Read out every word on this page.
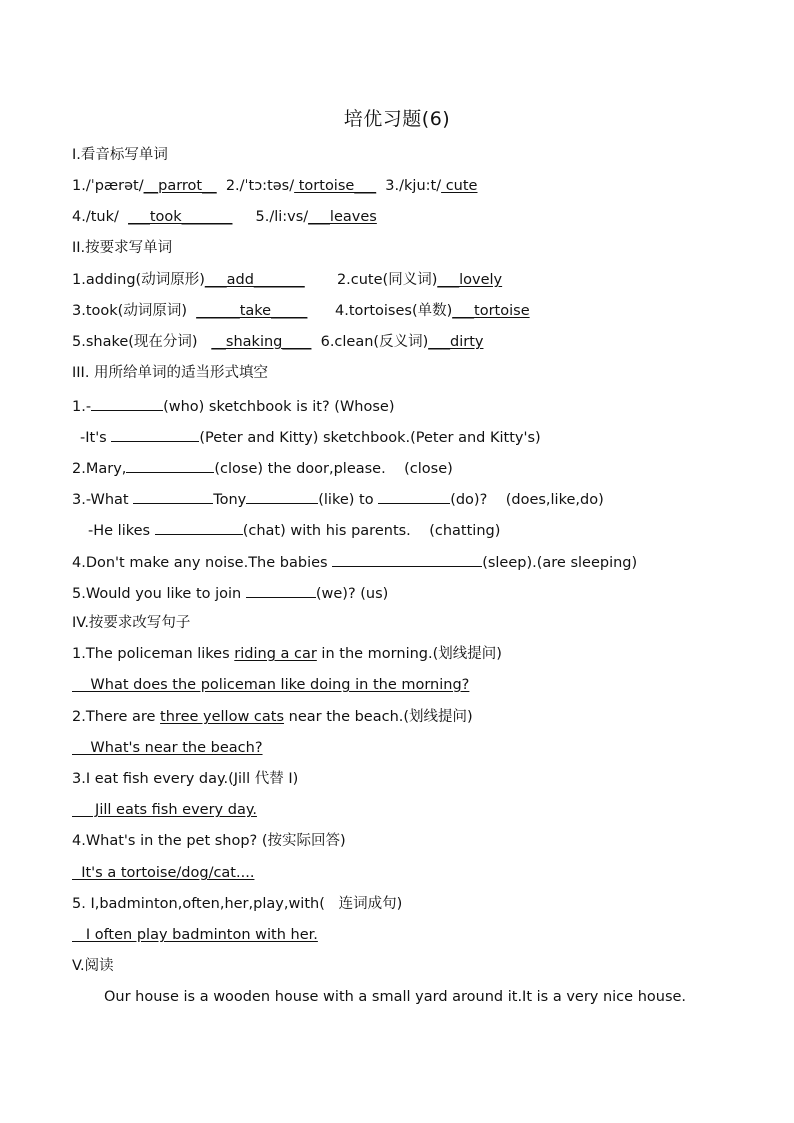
培优习题(6)
I.看音标写单词
1./ˈpærət/__parrot__ 2./ˈtɔ:təs/ tortoise___ 3./kju:t/ cute
4./tuk/ ___took_______ 5./li:vs/___leaves
II.按要求写单词
1.adding(动词原形)___add_______ 2.cute(同义词)___lovely
3.took(动词原词) ______take_____ 4.tortoises(单数)___tortoise
5.shake(现在分词) __shaking____ 6.clean(反义词)___dirty
III. 用所给单词的适当形式填空
1.-	(who) sketchbook is it? (Whose)
-It's	(Peter and Kitty) sketchbook.(Peter and Kitty's)
2.Mary,	(close) the door,please.    (close)
3.-What	Tony	(like) to	(do)?    (does,like,do)
-He likes	(chat) with his parents.    (chatting)
4.Don't make any noise.The babies	(sleep).(are sleeping)
5.Would you like to join	(we)? (us)
IV.按要求改写句子
1.The policeman likes riding a car in the morning.(划线提问)
What does the policeman like doing in the morning?
2.There are three yellow cats near the beach.(划线提问)
What's near the beach?
3.I eat fish every day.(Jill 代替 I)
Jill eats fish every day.
4.What's in the pet shop? (按实际回答)
It's a tortoise/dog/cat....
5. I,badminton,often,her,play,with(   连词成句)
I often play badminton with her.
V.阅读
Our house is a wooden house with a small yard around it.It is a very nice house.
